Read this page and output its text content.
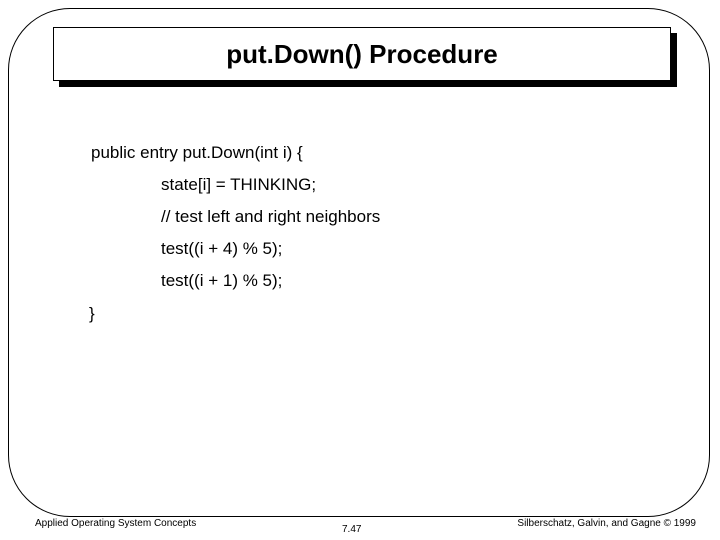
put.Down() Procedure
public entry put.Down(int i) {
state[i] = THINKING;
// test left and right neighbors
test((i + 4) % 5);
test((i + 1) % 5);
}
Applied Operating System Concepts
7.47
Silberschatz, Galvin, and Gagne © 1999
